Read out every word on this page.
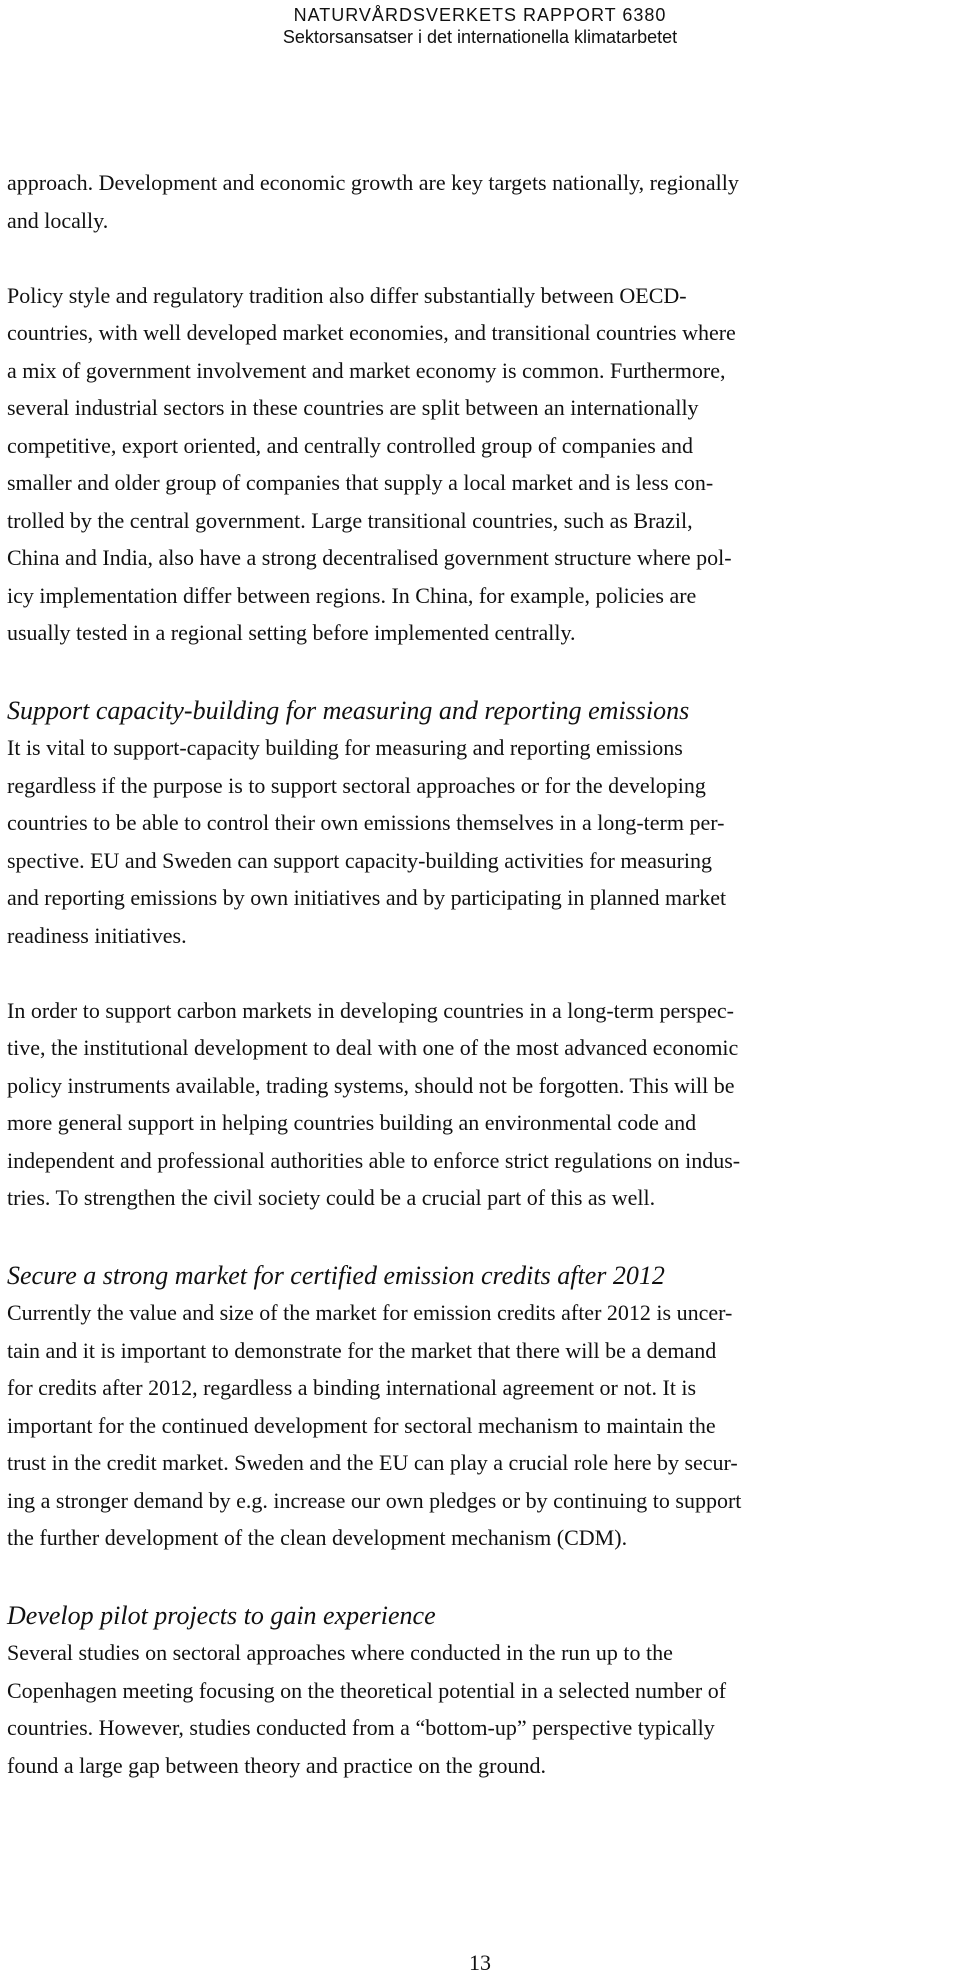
NATURVÅRDSVERKETS RAPPORT 6380
Sektorsansatser i det internationella klimatarbetet

approach. Development and economic growth are key targets nationally, regionally
and locally.

Policy style and regulatory tradition also differ substantially between OECD-
countries, with well developed market economies, and transitional countries where
a mix of government involvement and market economy is common. Furthermore,
several industrial sectors in these countries are split between an internationally
competitive, export oriented, and centrally controlled group of companies and
smaller and older group of companies that supply a local market and is less con-
trolled by the central government. Large transitional countries, such as Brazil,
China and India, also have a strong decentralised government structure where pol-
icy implementation differ between regions. In China, for example, policies are
usually tested in a regional setting before implemented centrally.

Support capacity-building for measuring and reporting emissions

It is vital to support-capacity building for measuring and reporting emissions
regardless if the purpose is to support sectoral approaches or for the developing
countries to be able to control their own emissions themselves in a long-term per-
spective. EU and Sweden can support capacity-building activities for measuring
and reporting emissions by own initiatives and by participating in planned market
readiness initiatives.

In order to support carbon markets in developing countries in a long-term perspec-
tive, the institutional development to deal with one of the most advanced economic
policy instruments available, trading systems, should not be forgotten. This will be
more general support in helping countries building an environmental code and
independent and professional authorities able to enforce strict regulations on indus-
tries. To strengthen the civil society could be a crucial part of this as well.

Secure a strong market for certified emission credits after 2012

Currently the value and size of the market for emission credits after 2012 is uncer-
tain and it is important to demonstrate for the market that there will be a demand
for credits after 2012, regardless a binding international agreement or not. It is
important for the continued development for sectoral mechanism to maintain the
trust in the credit market. Sweden and the EU can play a crucial role here by secur-
ing a stronger demand by e.g. increase our own pledges or by continuing to support
the further development of the clean development mechanism (CDM).

Develop pilot projects to gain experience

Several studies on sectoral approaches where conducted in the run up to the
Copenhagen meeting focusing on the theoretical potential in a selected number of
countries. However, studies conducted from a “bottom-up” perspective typically
found a large gap between theory and practice on the ground.

13
